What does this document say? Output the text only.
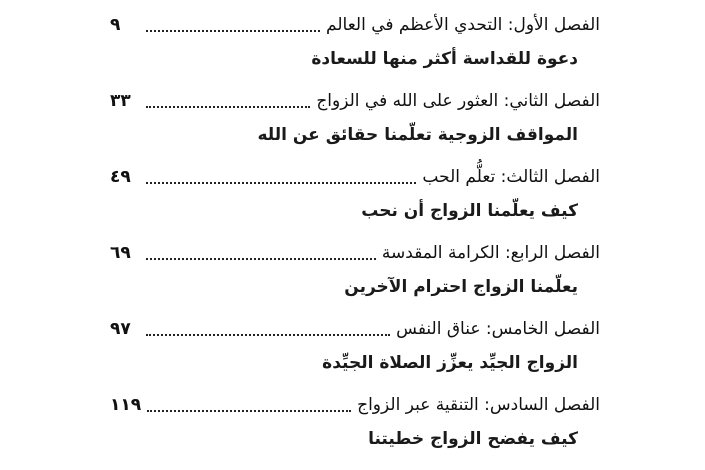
الفصل الأول: التحدي الأعظم في العالم
٩
دعوة للقداسة أكثر منها للسعادة
الفصل الثاني: العثور على الله في الزواج
٣٣
المواقف الزوجية تعلّمنا حقائق عن الله
الفصل الثالث: تعلُّم الحب
٤٩
كيف يعلّمنا الزواج أن نحب
الفصل الرابع: الكرامة المقدسة
٦٩
يعلّمنا الزواج احترام الآخرين
الفصل الخامس: عناق النفس
٩٧
الزواج الجيِّد يعزِّز الصلاة الجيِّدة
الفصل السادس: التنقية عبر الزواج
١١٩
كيف يفضح الزواج خطيتنا
